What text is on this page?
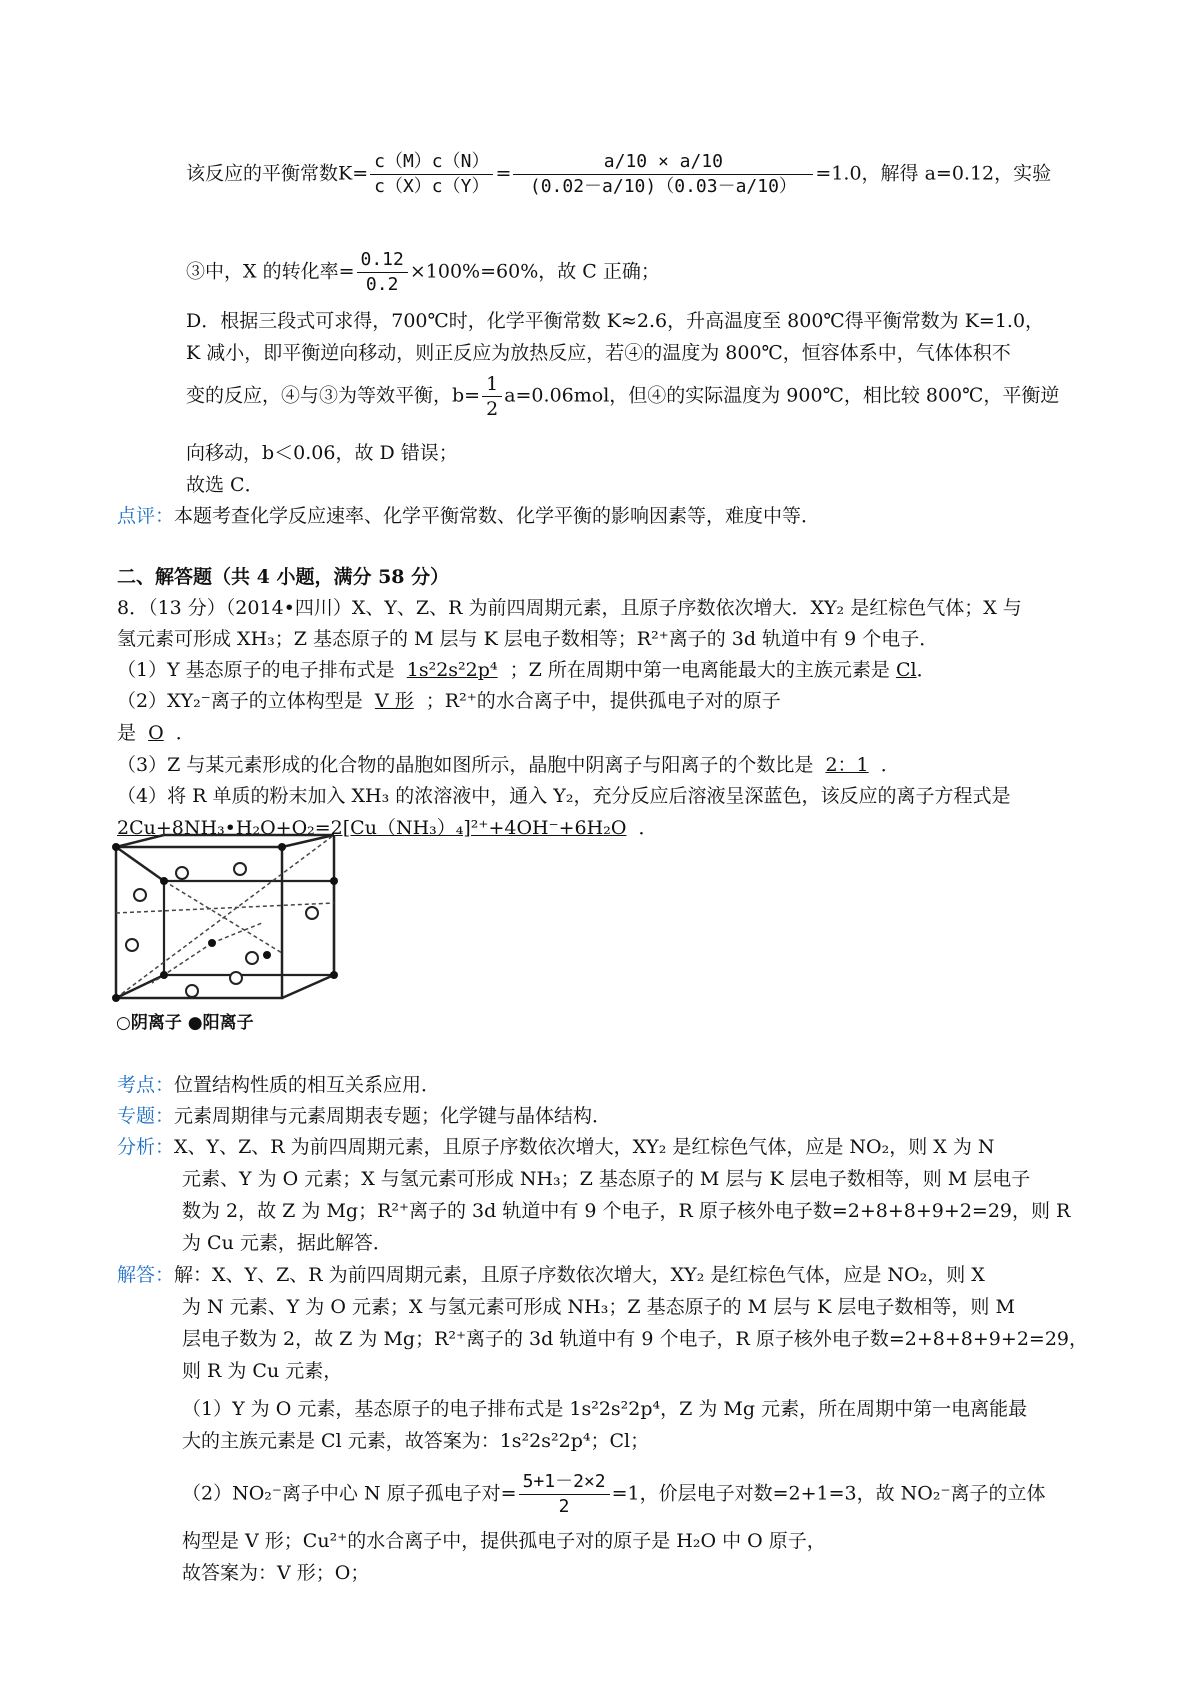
该反应的平衡常数$K= \frac{c(M)c(N)}{c(X)c(Y)} = \frac{a/10 \times a/10}{(0.02-a/10)(0.03-a/10)} =1.0$，解得 a=0.12，实验
③中，X 的转化率= $\frac{0.12}{0.2} \times 100\%=60\%$，故 C 正确；
D．根据三段式可求得，700℃时，化学平衡常数 K≈2.6，升高温度至 800℃得平衡常数为 K=1.0，
K 减小，即平衡逆向移动，则正反应为放热反应，若④的温度为 800℃，恒容体系中，气体体积不
变的反应，④与③为等效平衡，$b= \frac{1}{2} a=0.06mol$，但④的实际温度为 900℃，相比较 800℃，平衡逆
向移动，b＜0.06，故 D 错误；
故选 C．
点评：本题考查化学反应速率、化学平衡常数、化学平衡的影响因素等，难度中等．
二、解答题（共 4 小题，满分 58 分）
8．（13 分）（2014•四川）X、Y、Z、R 为前四周期元素，且原子序数依次增大．XY₂ 是红棕色气体；X 与
氢元素可形成 XH₃；Z 基态原子的 M 层与 K 层电子数相等；R²⁺离子的 3d 轨道中有 9 个电子．
（1）Y 基态原子的电子排布式是 1s²2s²2p⁴ ；Z 所在周期中第一电离能最大的主族元素是 Cl．
（2）XY₂⁻离子的立体构型是 V 形 ；R²⁺的水合离子中，提供孤电子对的原子
是 O  ．
（3）Z 与某元素形成的化合物的晶胞如图所示，晶胞中阴离子与阳离子的个数比是 2：1  ．
（4）将 R 单质的粉末加入 XH₃ 的浓溶液中，通入 Y₂，充分反应后溶液呈深蓝色，该反应的离子方程式是
2Cu+8NH₃•H₂O+O₂=2[Cu（NH₃）₄]²⁺+4OH⁻+6H₂O  ．
○阴离子 ●阳离子
考点：位置结构性质的相互关系应用．
专题：元素周期律与元素周期表专题；化学键与晶体结构．
分析：X、Y、Z、R 为前四周期元素，且原子序数依次增大，XY₂ 是红棕色气体，应是 NO₂，则 X 为 N
元素、Y 为 O 元素；X 与氢元素可形成 NH₃；Z 基态原子的 M 层与 K 层电子数相等，则 M 层电子
数为 2，故 Z 为 Mg；R²⁺离子的 3d 轨道中有 9 个电子，R 原子核外电子数=2+8+8+9+2=29，则 R
为 Cu 元素，据此解答．
解答：解：X、Y、Z、R 为前四周期元素，且原子序数依次增大，XY₂ 是红棕色气体，应是 NO₂，则 X
为 N 元素、Y 为 O 元素；X 与氢元素可形成 NH₃；Z 基态原子的 M 层与 K 层电子数相等，则 M
层电子数为 2，故 Z 为 Mg；R²⁺离子的 3d 轨道中有 9 个电子，R 原子核外电子数=2+8+8+9+2=29，
则 R 为 Cu 元素，
（1）Y 为 O 元素，基态原子的电子排布式是 1s²2s²2p⁴，Z 为 Mg 元素，所在周期中第一电离能最
大的主族元素是 Cl 元素，故答案为：1s²2s²2p⁴；Cl；
（2）NO₂⁻离子中心 N 原子孤电子对= $\frac{5+1-2\times 2}{2} =1$，价层电子对数=2+1=3，故 NO₂⁻离子的立体
构型是 V 形；Cu²⁺的水合离子中，提供孤电子对的原子是 H₂O 中 O 原子，
故答案为：V 形；O；
